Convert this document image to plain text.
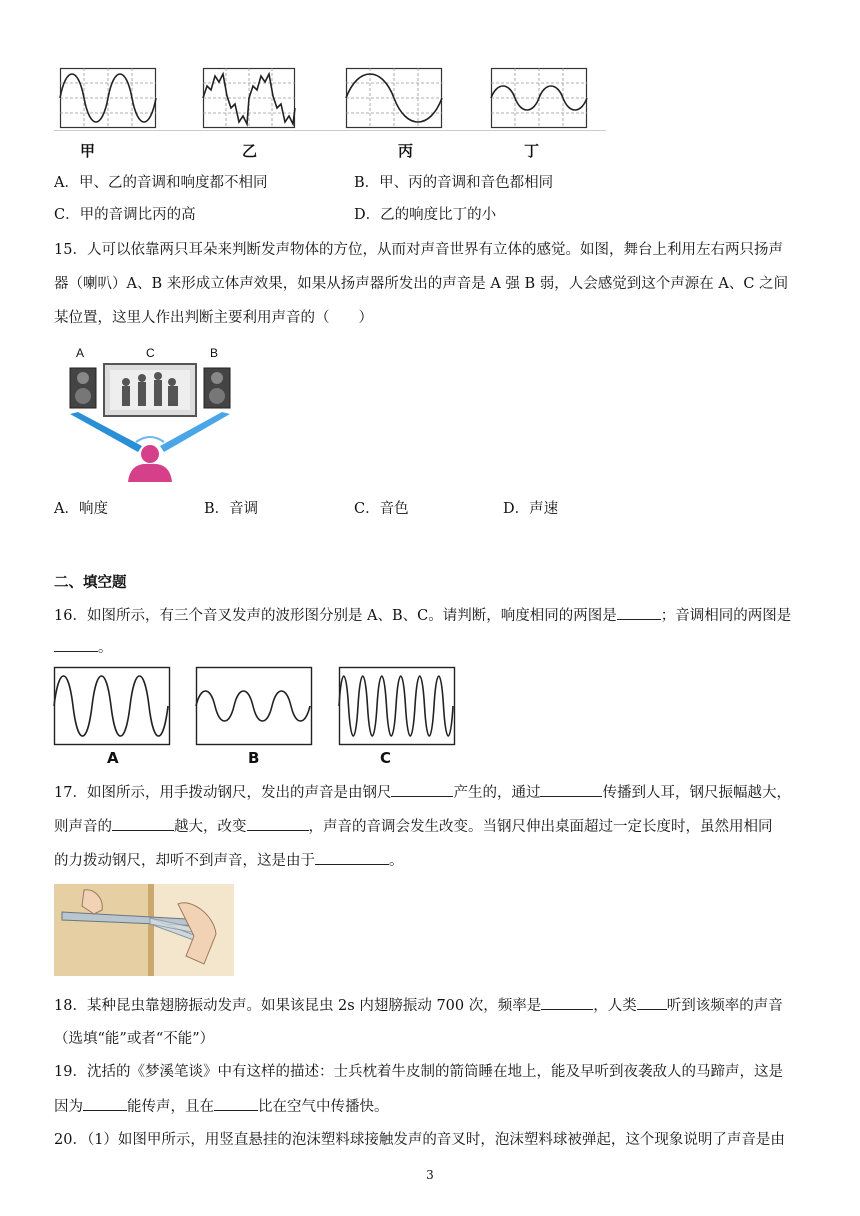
甲	乙	丙	丁
A．甲、乙的音调和响度都不相同	B．甲、丙的音调和音色都相同
C．甲的音调比丙的高	D．乙的响度比丁的小
15．人可以依靠两只耳朵来判断发声物体的方位，从而对声音世界有立体的感觉。如图，舞台上利用左右两只扬声
器（喇叭）A、B 来形成立体声效果，如果从扬声器所发出的声音是 A 强 B 弱，人会感觉到这个声源在 A、C 之间
某位置，这里人作出判断主要利用声音的（　　）
A	C	B
A．响度	B．音调	C．音色	D．声速
二、填空题
16．如图所示，有三个音叉发声的波形图分别是 A、B、C。请判断，响度相同的两图是	；音调相同的两图是
。
A	B	C
17．如图所示，用手拨动钢尺，发出的声音是由钢尺	产生的，通过	传播到人耳，钢尺振幅越大，
则声音的	越大，改变	，声音的音调会发生改变。当钢尺伸出桌面超过一定长度时，虽然用相同
的力拨动钢尺，却听不到声音，这是由于	。
18．某种昆虫靠翅膀振动发声。如果该昆虫 2s 内翅膀振动 700 次，频率是	，人类 听到该频率的声音
（选填“能”或者“不能”）
19．沈括的《梦溪笔谈》中有这样的描述：士兵枕着牛皮制的箭筒睡在地上，能及早听到夜袭敌人的马蹄声，这是
因为	能传声，且在	比在空气中传播快。
20．（1）如图甲所示，用竖直悬挂的泡沫塑料球接触发声的音叉时，泡沫塑料球被弹起，这个现象说明了声音是由
3
